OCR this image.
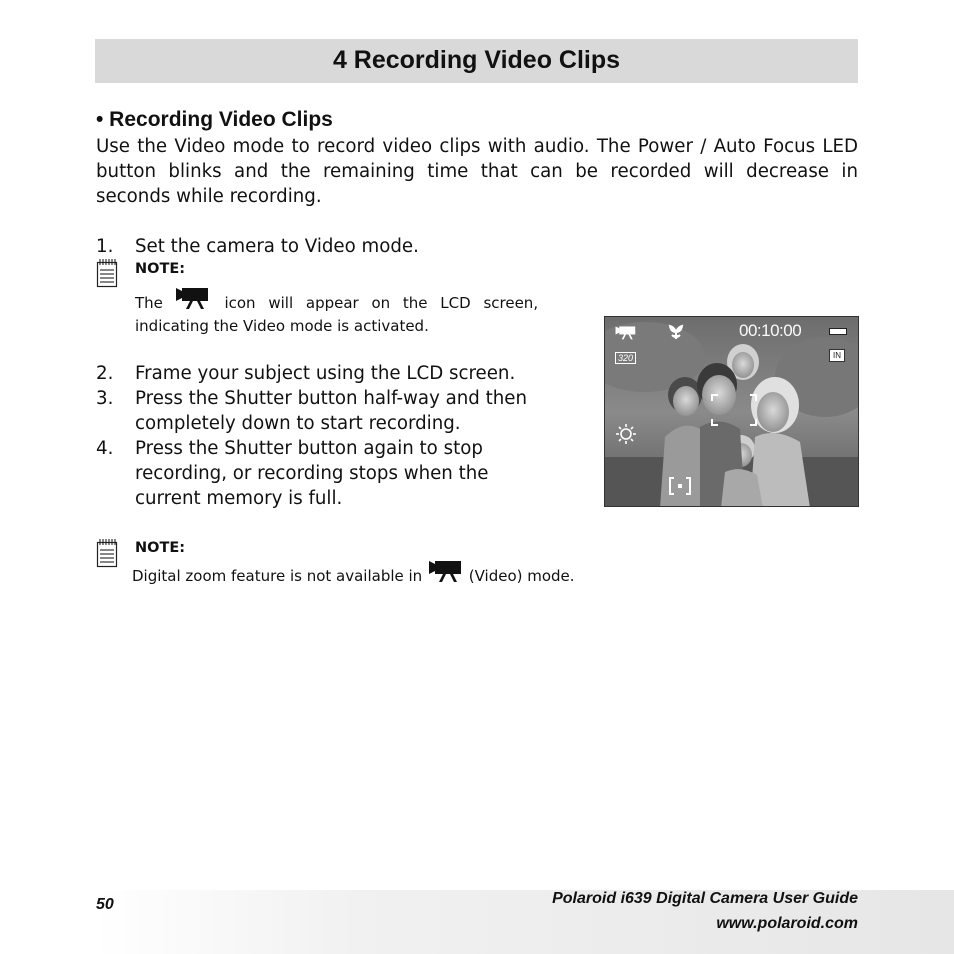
4 Recording Video Clips
• Recording Video Clips
Use the Video mode to record video clips with audio. The Power / Auto Focus LED button blinks and the remaining time that can be recorded will decrease in seconds while recording.
1.	Set the camera to Video mode.
NOTE:
The	icon will appear on the LCD screen,
indicating the Video mode is activated.
2.	Frame your subject using the LCD screen.
3.	Press the Shutter button half-way and then
completely down to start recording.
4.	Press the Shutter button again to stop
recording, or recording stops when the
current memory is full.
00:10:00
320	IN
NOTE:
Digital zoom feature is not available in	(Video) mode.
50	Polaroid i639 Digital Camera User Guide
www.polaroid.com
